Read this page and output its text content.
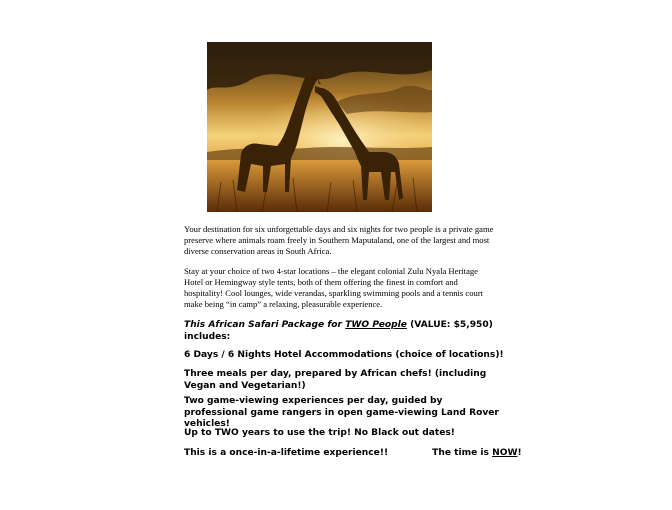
Your destination for six unforgettable days and six nights for two people is a private game preserve where animals roam freely in Southern Maputaland, one of the largest and most diverse conservation areas in South Africa.
Stay at your choice of two 4-star locations – the elegant colonial Zulu Nyala Heritage Hotel or Hemingway style tents, both of them offering the finest in comfort and hospitality! Cool lounges, wide verandas, sparkling swimming pools and a tennis court make being “in camp” a relaxing, pleasurable experience.
This African Safari Package for TWO People (VALUE: $5,950)
includes:
6 Days / 6 Nights Hotel Accommodations (choice of locations)!
Three meals per day, prepared by African chefs! (including Vegan and Vegetarian!)
Two game-viewing experiences per day, guided by professional game rangers in open game-viewing Land Rover vehicles!
Up to TWO years to use the trip! No Black out dates!
This is a once-in-a-lifetime experience!!	The time is NOW!
